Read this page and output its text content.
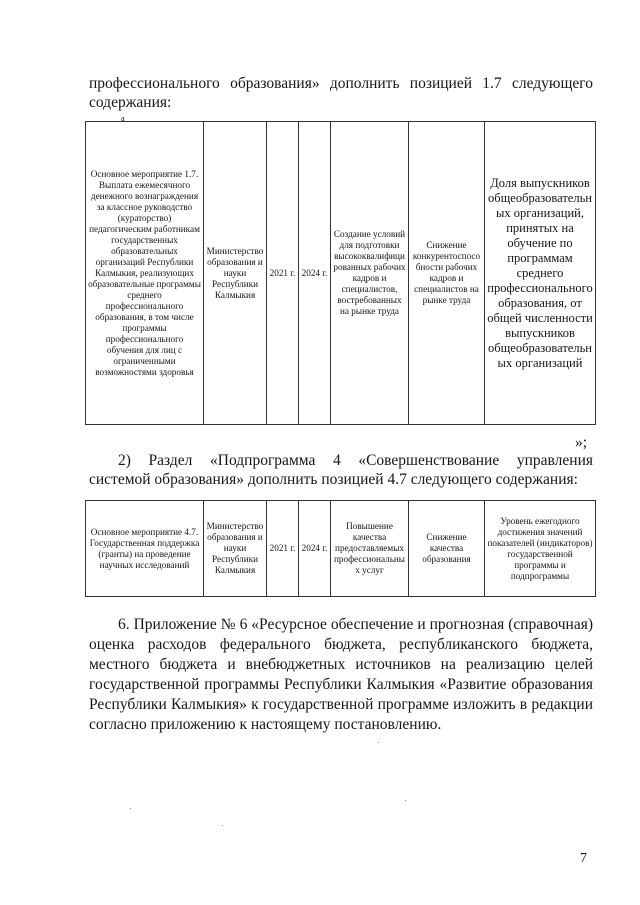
профессионального образования» дополнить позицией 1.7 следующего

содержания:

а
Основное мероприятие 1.7. Выплата ежемесячного денежного вознаграждения за классное руководство (кураторство) педагогическим работникам государственных образовательных организаций Республики Калмыкия, реализующих образовательные программы среднего профессионального образования, в том числе программы профессионального обучения для лиц с ограниченными возможностями здоровья	Министерство образования и науки Республики Калмыкия	2021 г.	2024 г.	Создание условий для подготовки высококвалифицированных рабочих кадров и специалистов, востребованных на рынке труда	Снижение конкурентоспособности рабочих кадров и специалистов на рынке труда	Доля выпускников общеобразовательных организаций, принятых на обучение по программам среднего профессионального образования, от общей численности выпускников общеобразовательных организаций
»;

2) Раздел «Подпрограмма 4 «Совершенствование управления

системой образования» дополнить позицией 4.7 следующего содержания:

Основное мероприятие 4.7. Государственная поддержка (гранты) на проведение научных исследований	Министерство образования и науки Республики Калмыкия	2021 г.	2024 г.	Повышение качества предоставляемых профессиональных услуг	Снижение качества образования	Уровень ежегодного достижения значений показателей (индикаторов) государственной программы и подпрограммы

6. Приложение № 6 «Ресурсное обеспечение и прогнозная (справочная) оценка расходов федерального бюджета, республиканского бюджета, местного бюджета и внебюджетных источников на реализацию целей государственной программы Республики Калмыкия «Развитие образования Республики Калмыкия» к государственной программе изложить в редакции согласно приложению к настоящему постановлению.

7
